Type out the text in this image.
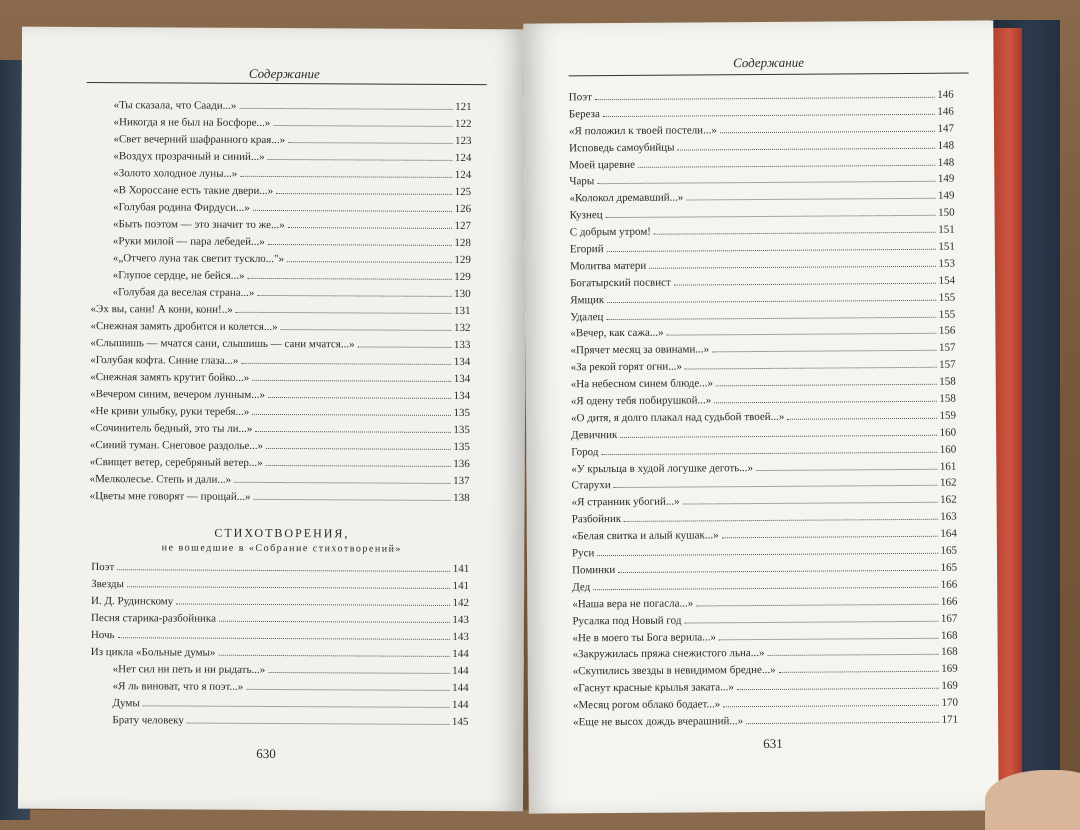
Содержание
«Ты сказала, что Саади...»	121
«Никогда я не был на Босфоре...»	122
«Свет вечерний шафранного края...»	123
«Воздух прозрачный и синий...»	124
«Золото холодное луны...»	124
«В Хороссане есть такие двери...»	125
«Голубая родина Фирдуси...»	126
«Быть поэтом — это значит то же...»	127
«Руки милой — пара лебедей...»	128
«„Отчего луна так светит тускло..."»	129
«Глупое сердце, не бейся...»	129
«Голубая да веселая страна...»	130
«Эх вы, сани! А кони, кони!..»	131
«Снежная замять дробится и колется...»	132
«Слышишь — мчатся сани, слышишь — сани мчатся...»	133
«Голубая кофта. Синие глаза...»	134
«Снежная замять крутит бойко...»	134
«Вечером синим, вечером лунным...»	134
«Не криви улыбку, руки теребя...»	135
«Сочинитель бедный, это ты ли...»	135
«Синий туман. Снеговое раздолье...»	135
«Свищет ветер, серебряный ветер...»	136
«Мелколесье. Степь и дали...»	137
«Цветы мне говорят — прощай...»	138
СТИХОТВОРЕНИЯ,
не вошедшие в «Собрание стихотворений»
Поэт	141
Звезды	141
И. Д. Рудинскому	142
Песня старика-разбойника	143
Ночь	143
Из цикла «Больные думы»	144
«Нет сил ни петь и ни рыдать...»	144
«Я ль виноват, что я поэт...»	144
Думы	144
Брату человеку	145
630
Содержание
Поэт	146
Береза	146
«Я положил к твоей постели...»	147
Исповедь самоубийцы	148
Моей царевне	148
Чары	149
«Колокол дремавший...»	149
Кузнец	150
С добрым утром!	151
Егорий	151
Молитва матери	153
Богатырский посвист	154
Ямщик	155
Удалец	155
«Вечер, как сажа...»	156
«Прячет месяц за овинами...»	157
«За рекой горят огни...»	157
«На небесном синем блюде...»	158
«Я одену тебя побирушкой...»	158
«О дитя, я долго плакал над судьбой твоей...»	159
Девичник	160
Город	160
«У крыльца в худой логушке деготь...»	161
Старухи	162
«Я странник убогий...»	162
Разбойник	163
«Белая свитка и алый кушак...»	164
Руси	165
Поминки	165
Дед	166
«Наша вера не погасла...»	166
Русалка под Новый год	167
«Не в моего ты Бога верила...»	168
«Закружилась пряжа снежистого льна...»	168
«Скупились звезды в невидимом бредне...»	169
«Гаснут красные крылья заката...»	169
«Месяц рогом облако бодает...»	170
«Еще не высох дождь вчерашний...»	171
631
